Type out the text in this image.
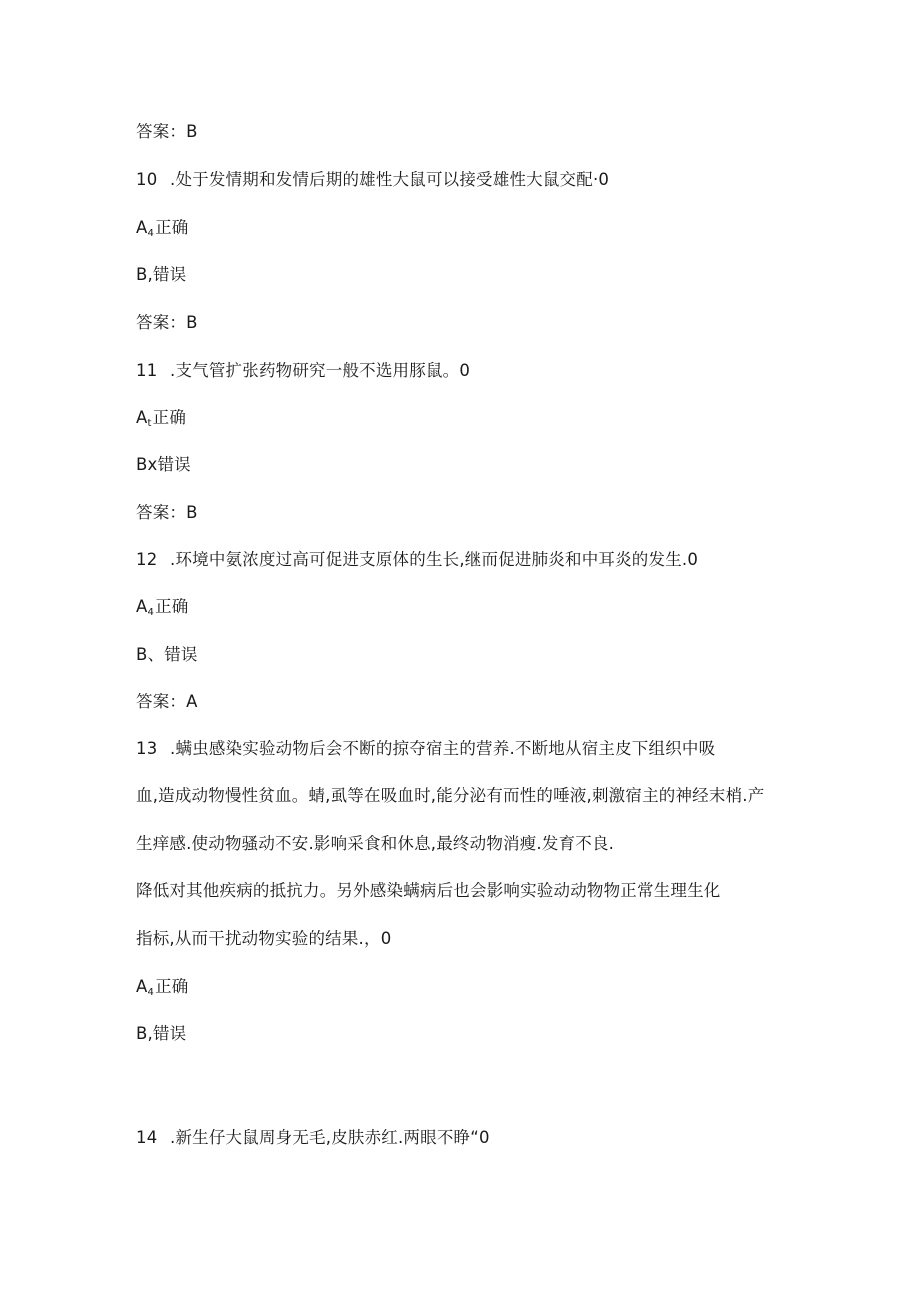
答案：B
10 .处于发情期和发情后期的雄性大鼠可以接受雄性大鼠交配·0
$A_4$正确
B,错误
答案：B
11 .支气管扩张药物研究一般不选用豚鼠。0
$A_t$正确
Bx错误
答案：B
12 .环境中氨浓度过高可促进支原体的生长,继而促进肺炎和中耳炎的发生.0
$A_4$正确
B、错误
答案：A
13 .螨虫感染实验动物后会不断的掠夺宿主的营养.不断地从宿主皮下组织中吸
血,造成动物慢性贫血。蜻,虱等在吸血时,能分泌有而性的唾液,刺激宿主的神经末梢.产
生痒感.使动物骚动不安.影响采食和休息,最终动物消瘦.发育不良.
降低对其他疾病的抵抗力。另外感染螨病后也会影响实验动动物物正常生理生化
指标,从而干扰动物实验的结果.，0
$A_4$正确
B,错误
14 .新生仔大鼠周身无毛,皮肤赤红.两眼不睁“0
